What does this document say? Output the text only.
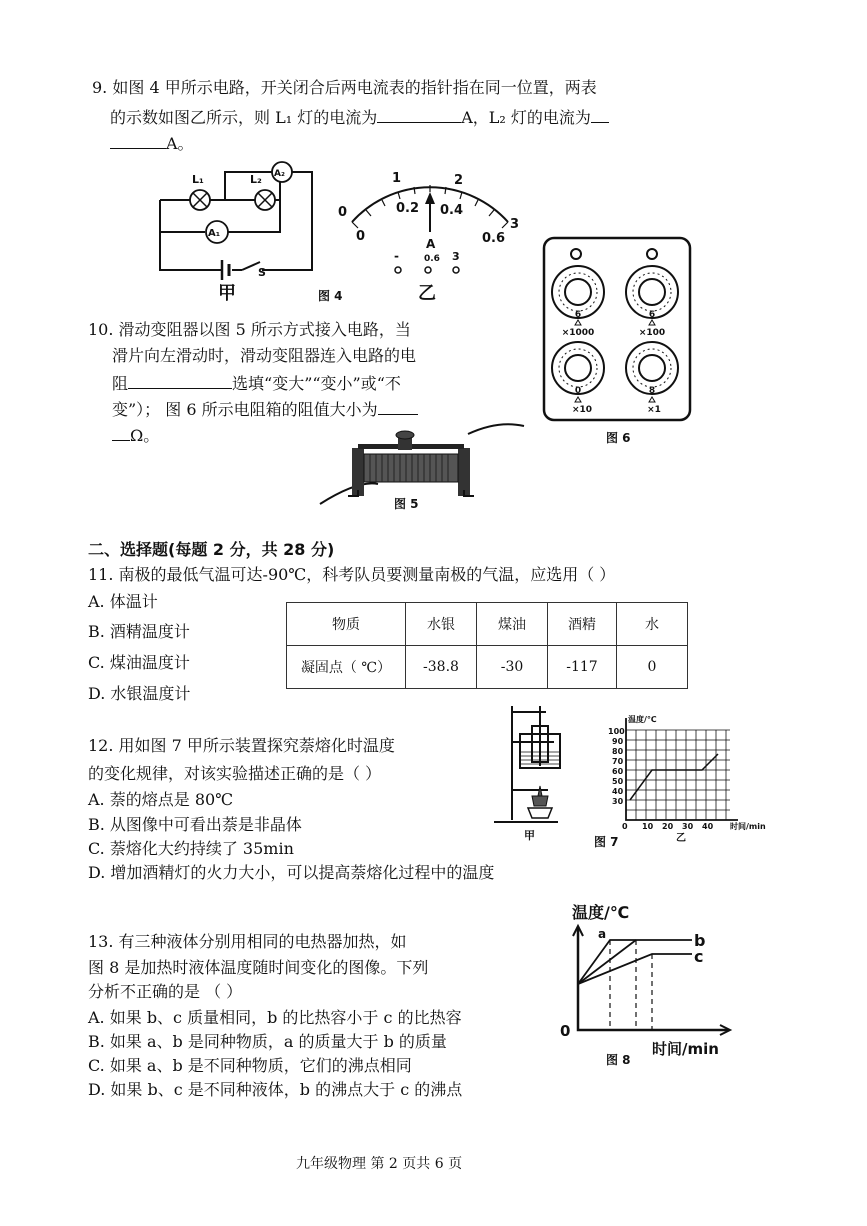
9. 如图 4 甲所示电路，开关闭合后两电流表的指针指在同一位置，两表
的示数如图乙所示，则 L₁ 灯的电流为	A，L₂ 灯的电流为
A。
L₁	L₂ A₂
A₁
S
甲	图 4	乙
0
1	2
3
0
0.2 0.4
0.6
A
-	0.6 3
6	6
0	8
×1000	×100
×10	×1
图 6
10. 滑动变阻器以图 5 所示方式接入电路，当
滑片向左滑动时，滑动变阻器连入电路的电
阻	选填“变大”“变小”或“不
变”）； 图 6 所示电阻箱的阻值大小为
Ω。
图 5
二、选择题(每题 2 分，共 28 分)
11. 南极的最低气温可达-90℃，科考队员要测量南极的气温，应选用（ ）
A. 体温计
B. 酒精温度计
C. 煤油温度计
D. 水银温度计
物质	水银	煤油	酒精	水
凝固点（ ℃）	-38.8	-30	-117	0
12. 用如图 7 甲所示装置探究萘熔化时温度
的变化规律，对该实验描述正确的是（ ）
A. 萘的熔点是 80℃
B. 从图像中可看出萘是非晶体
C. 萘熔化大约持续了 35min
D. 增加酒精灯的火力大小，可以提高萘熔化过程中的温度
甲	图 7
温度/℃
100
90
80
70
60
50
40
30
0 10 20 30 40 时间/min
乙
13. 有三种液体分别用相同的电热器加热，如
图 8 是加热时液体温度随时间变化的图像。下列
分析不正确的是 （ ）
A. 如果 b、c 质量相同，b 的比热容小于 c 的比热容
B. 如果 a、b 是同种物质，a 的质量大于 b 的质量
C. 如果 a、b 是不同种物质，它们的沸点相同
D. 如果 b、c 是不同种液体，b 的沸点大于 c 的沸点
温度/℃
a	b
c
0
时间/min
图 8
九年级物理 第 2 页共 6 页
